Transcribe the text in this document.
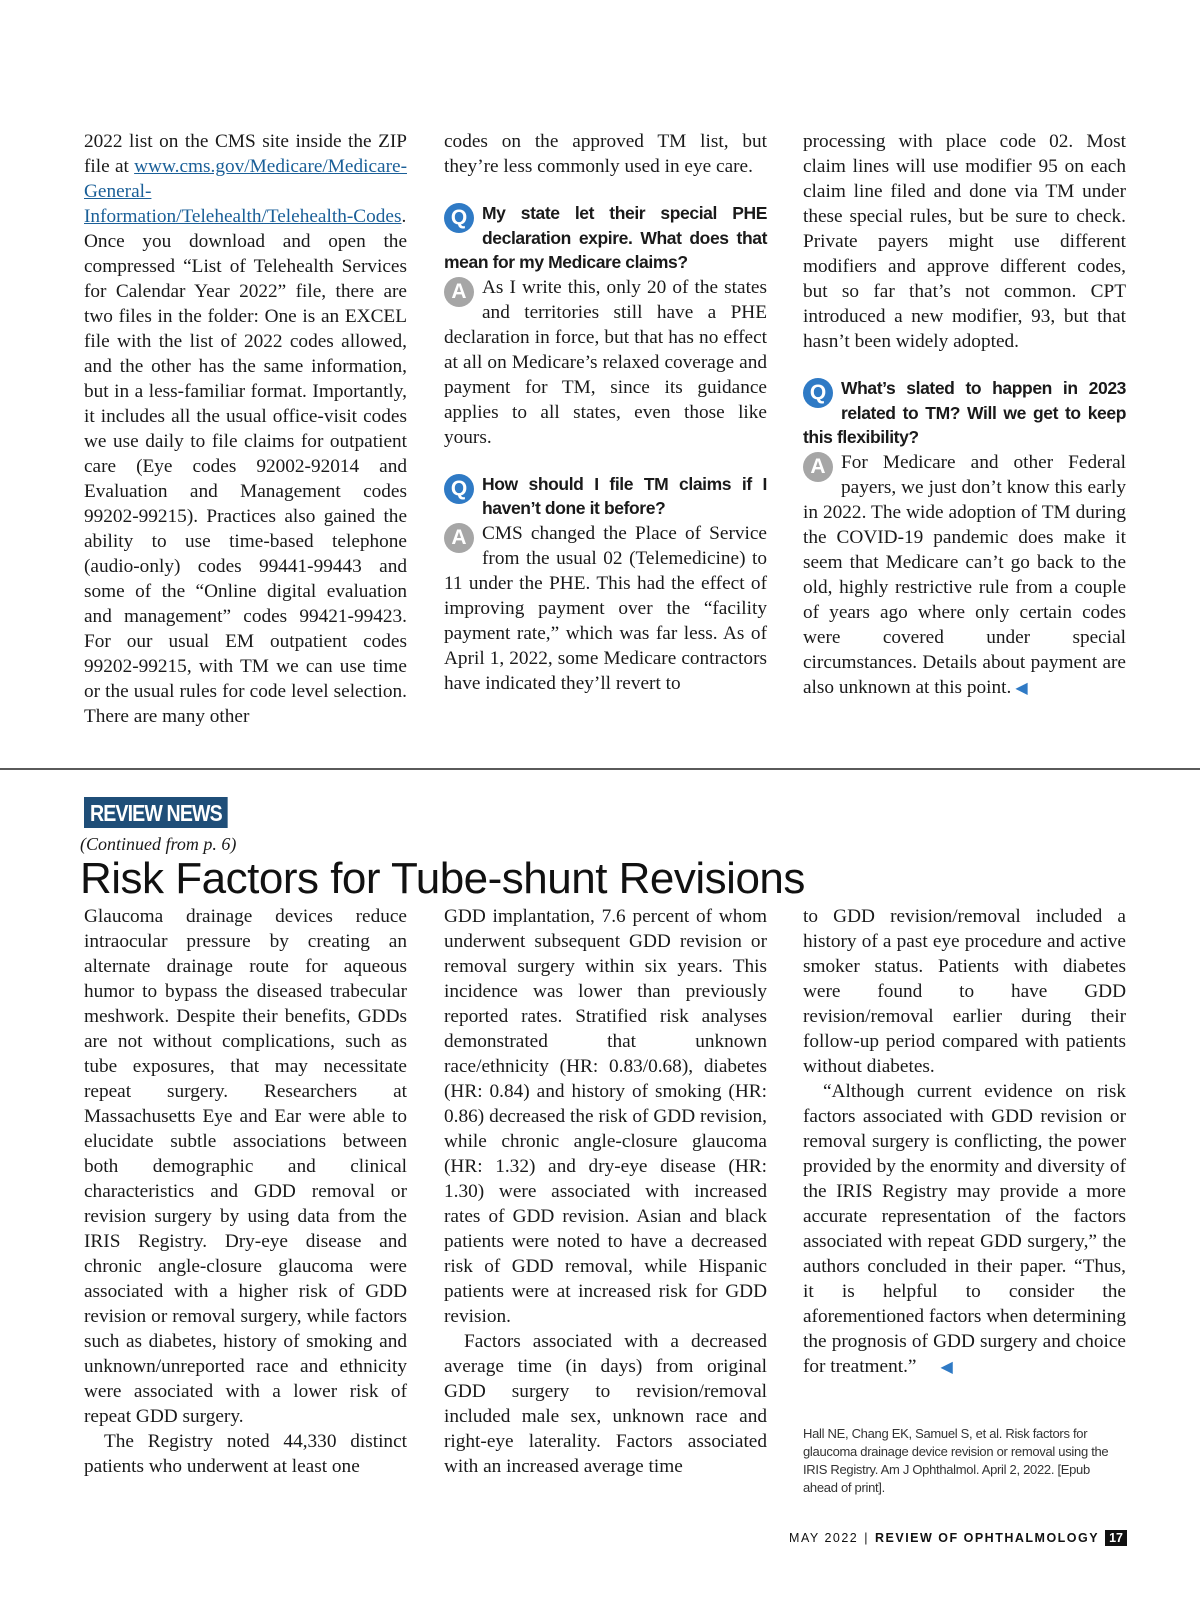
2022 list on the CMS site inside the ZIP file at www.cms.gov/Medicare/Medicare-General-Information/Telehealth/Telehealth-Codes. Once you download and open the compressed “List of Telehealth Services for Calendar Year 2022” file, there are two files in the folder: One is an EXCEL file with the list of 2022 codes allowed, and the other has the same information, but in a less-familiar format. Importantly, it includes all the usual office-visit codes we use daily to file claims for outpatient care (Eye codes 92002-92014 and Evaluation and Management codes 99202-99215). Practices also gained the ability to use time-based telephone (audio-only) codes 99441-99443 and some of the “Online digital evaluation and management” codes 99421-99423. For our usual EM outpatient codes 99202-99215, with TM we can use time or the usual rules for code level selection. There are many other

codes on the approved TM list, but they’re less commonly used in eye care.

Q My state let their special PHE declaration expire. What does that mean for my Medicare claims?

A As I write this, only 20 of the states and territories still have a PHE declaration in force, but that has no effect at all on Medicare’s relaxed coverage and payment for TM, since its guidance applies to all states, even those like yours.

Q How should I file TM claims if I haven’t done it before?

A CMS changed the Place of Service from the usual 02 (Telemedicine) to 11 under the PHE. This had the effect of improving payment over the “facility payment rate,” which was far less. As of April 1, 2022, some Medicare contractors have indicated they’ll revert to

processing with place code 02. Most claim lines will use modifier 95 on each claim line filed and done via TM under these special rules, but be sure to check. Private payers might use different modifiers and approve different codes, but so far that’s not common. CPT introduced a new modifier, 93, but that hasn’t been widely adopted.

Q What’s slated to happen in 2023 related to TM? Will we get to keep this flexibility?

A For Medicare and other Federal payers, we just don’t know this early in 2022. The wide adoption of TM during the COVID-19 pandemic does make it seem that Medicare can’t go back to the old, highly restrictive rule from a couple of years ago where only certain codes were covered under special circumstances. Details about payment are also unknown at this point. ◀

REVIEW NEWS
(Continued from p. 6)
Risk Factors for Tube-shunt Revisions

Glaucoma drainage devices reduce intraocular pressure by creating an alternate drainage route for aqueous humor to bypass the diseased trabecular meshwork. Despite their benefits, GDDs are not without complications, such as tube exposures, that may necessitate repeat surgery. Researchers at Massachusetts Eye and Ear were able to elucidate subtle associations between both demographic and clinical characteristics and GDD removal or revision surgery by using data from the IRIS Registry. Dry-eye disease and chronic angle-closure glaucoma were associated with a higher risk of GDD revision or removal surgery, while factors such as diabetes, history of smoking and unknown/unreported race and ethnicity were associated with a lower risk of repeat GDD surgery.

The Registry noted 44,330 distinct patients who underwent at least one

GDD implantation, 7.6 percent of whom underwent subsequent GDD revision or removal surgery within six years. This incidence was lower than previously reported rates. Stratified risk analyses demonstrated that unknown race/ethnicity (HR: 0.83/0.68), diabetes (HR: 0.84) and history of smoking (HR: 0.86) decreased the risk of GDD revision, while chronic angle-closure glaucoma (HR: 1.32) and dry-eye disease (HR: 1.30) were associated with increased rates of GDD revision. Asian and black patients were noted to have a decreased risk of GDD removal, while Hispanic patients were at increased risk for GDD revision.

Factors associated with a decreased average time (in days) from original GDD surgery to revision/removal included male sex, unknown race and right-eye laterality. Factors associated with an increased average time

to GDD revision/removal included a history of a past eye procedure and active smoker status. Patients with diabetes were found to have GDD revision/removal earlier during their follow-up period compared with patients without diabetes.

“Although current evidence on risk factors associated with GDD revision or removal surgery is conflicting, the power provided by the enormity and diversity of the IRIS Registry may provide a more accurate representation of the factors associated with repeat GDD surgery,” the authors concluded in their paper. “Thus, it is helpful to consider the aforementioned factors when determining the prognosis of GDD surgery and choice for treatment.” ◀

Hall NE, Chang EK, Samuel S, et al. Risk factors for glaucoma drainage device revision or removal using the IRIS Registry. Am J Ophthalmol. April 2, 2022. [Epub ahead of print].

MAY 2022 | REVIEW OF OPHTHALMOLOGY 17
